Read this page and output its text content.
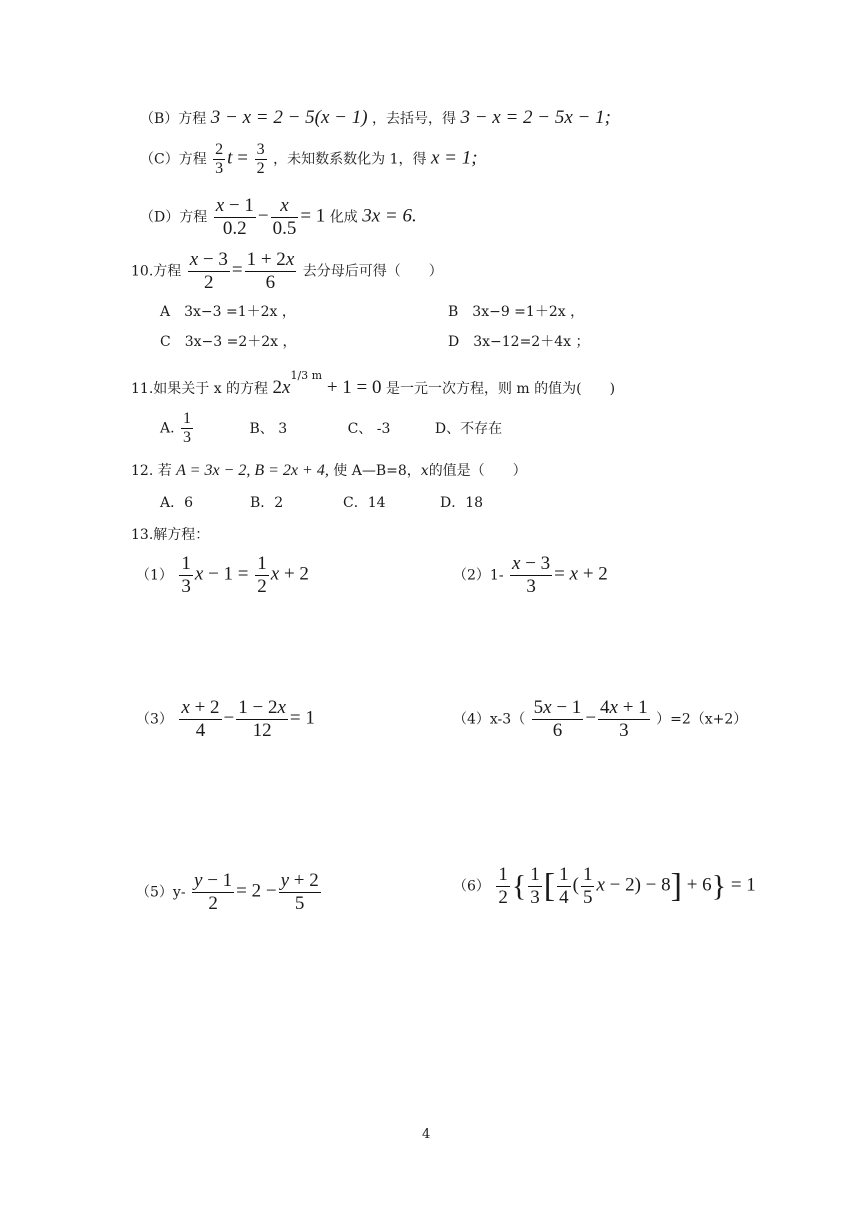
（B）方程 3 − x = 2 − 5(x − 1) ，去括号，得 3 − x = 2 − 5x − 1;
（C）方程 $\frac{2}{3}$ $t = \frac{3}{2}$ ，未知数系数化为 1，得 x = 1;
（D）方程 $\frac{x - 1}{0.2} - \frac{x}{0.5} = 1$ 化成 3x = 6.
10.方程 $\frac{x - 3}{2} = \frac{1 + 2x}{6}$ 去分母后可得（　　）
A　3x−3 =1＋2x ，	B　3x−9 =1＋2x ，
C　3x−3 =2＋2x ，	D　3x−12=2＋4x ；
11.如果关于 x 的方程 $2x^{1/3 m} + 1 = 0$ 是一元一次方程，则 m 的值为(　　)
A. $\frac{1}{3}$	B、 3	C、 -3	D、不存在
12. 若 A = 3x − 2, B = 2x + 4, 使 A—B=8，x的值是（　　）
A．6	B．2	C．14	D．18
13.解方程：
$(1) \frac{1}{3}$ $x - 1 = \frac{1}{2}$ x + 2	$(2)1- \frac{x - 3}{3} = x + 2$
$(3) \frac{x + 2}{4} - \frac{1 - 2x}{12} = 1$	$(4)x-3( \frac{5x - 1}{6} - \frac{4x + 1}{3} )=2(x+2)$
$(5)y- \frac{y - 1}{2} = 2 - \frac{y + 2}{5}$	$(6) \frac{1}{2}$ { $\frac{1}{3}$ [ $\frac{1}{4}$ ( $\frac{1}{5}$ x − 2) − 8] + 6} = 1
4
